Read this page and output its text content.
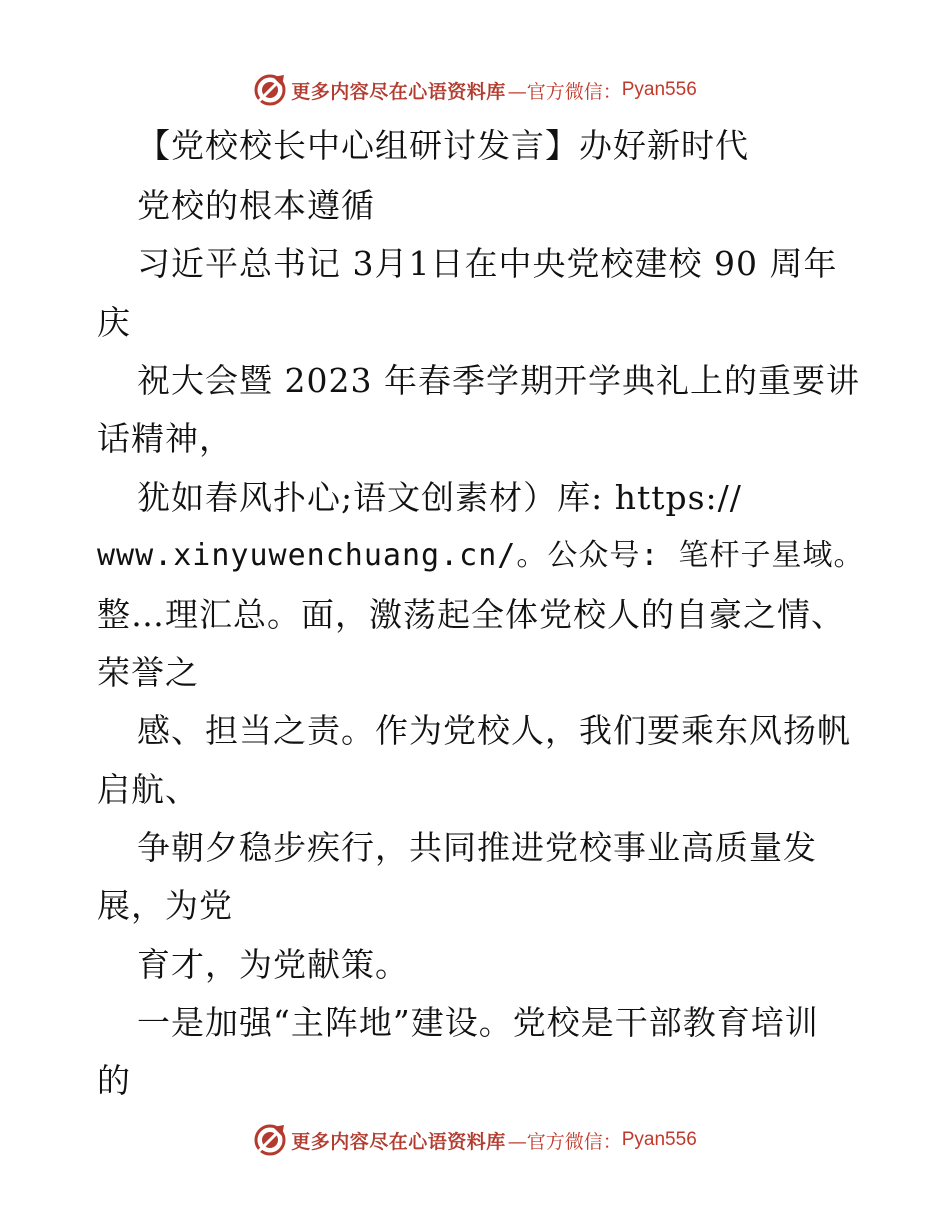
更多内容尽在心语资料库 —官方微信： Pyan556
【党校校长中心组研讨发言】办好新时代
党校的根本遵循
习近平总书记 3月1日在中央党校建校 90 周年
庆
祝大会暨 2023 年春季学期开学典礼上的重要讲
话精神，
犹如春风扑心;语文创素材）库: https://
www.xinyuwenchuang.cn/。公众号: 笔杆子星域。
整…理汇总。面，激荡起全体党校人的自豪之情、
荣誉之
感、担当之责。作为党校人，我们要乘东风扬帆
启航、
争朝夕稳步疾行，共同推进党校事业高质量发
展，为党
育才，为党献策。
一是加强“主阵地”建设。党校是干部教育培训
的
更多内容尽在心语资料库 —官方微信： Pyan556
